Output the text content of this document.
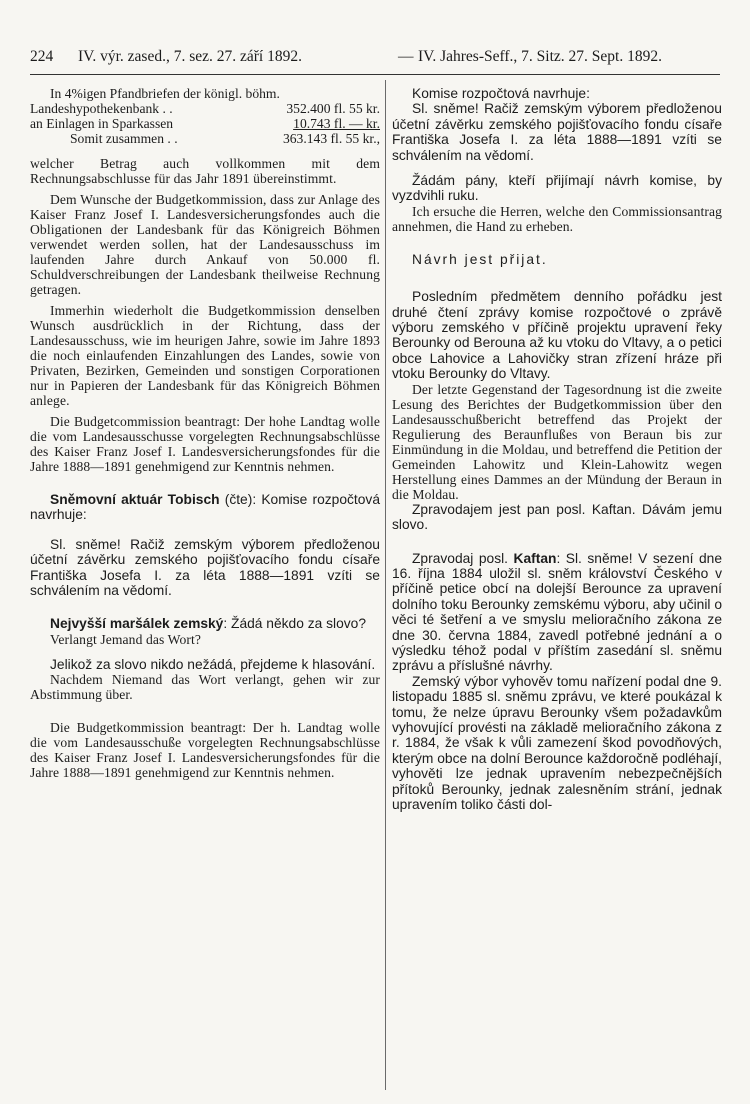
224 IV. výr. zased., 7. sez. 27. září 1892.	— IV. Jahres-Seff., 7. Sitz. 27. Sept. 1892.

In 4%igen Pfandbriefen der königl. böhm.

Landeshypothekenbank . .	352.400 fl. 55 kr.
an Einlagen in Sparkassen	10.743 fl. — kr.
Somit zusammen . .	363.143 fl. 55 kr.,

welcher Betrag auch vollkommen mit dem Rechnungsabschlusse für das Jahr 1891 übereinstimmt.

Dem Wunsche der Budgetkommission, dass zur Anlage des Kaiser Franz Josef I. Landesversicherungsfondes auch die Obligationen der Landesbank für das Königreich Böhmen verwendet werden sollen, hat der Landesausschuss im laufenden Jahre durch Ankauf von 50.000 fl. Schuldverschreibungen der Landesbank theilweise Rechnung getragen.

Immerhin wiederholt die Budgetkommission denselben Wunsch ausdrücklich in der Richtung, dass der Landesausschuss, wie im heurigen Jahre, sowie im Jahre 1893 die noch einlaufenden Einzahlungen des Landes, sowie von Privaten, Bezirken, Gemeinden und sonstigen Corporationen nur in Papieren der Landesbank für das Königreich Böhmen anlege.

Die Budgetcommission beantragt: Der hohe Landtag wolle die vom Landesausschusse vorgelegten Rechnungsabschlüsse des Kaiser Franz Josef I. Landesversicherungsfondes für die Jahre 1888—1891 genehmigend zur Kenntnis nehmen.

Sněmovní aktuár Tobisch (čte): Komise rozpočtová navrhuje:

Sl. sněme! Račiž zemským výborem předloženou účetní závěrku zemského pojišťovacího fondu císaře Františka Josefa I. za léta 1888—1891 vzíti se schválením na vědomí.

Nejvyšší maršálek zemský: Žádá někdo za slovo?

Verlangt Jemand das Wort?

Jelikož za slovo nikdo nežádá, přejdeme k hlasování.

Nachdem Niemand das Wort verlangt, gehen wir zur Abstimmung über.

Die Budgetkommission beantragt: Der h. Landtag wolle die vom Landesausschuße vorgelegten Rechnungsabschlüsse des Kaiser Franz Josef I. Landesversicherungsfondes für die Jahre 1888—1891 genehmigend zur Kenntnis nehmen.

Komise rozpočtová navrhuje:

Sl. sněme! Račiž zemským výborem předloženou účetní závěrku zemského pojišťovacího fondu císaře Františka Josefa I. za léta 1888—1891 vzíti se schválením na vědomí.

Žádám pány, kteří přijímají návrh komise, by vyzdvihli ruku.

Ich ersuche die Herren, welche den Commissionsantrag annehmen, die Hand zu erheben.

Návrh jest přijat.

Posledním předmětem denního pořádku jest druhé čtení zprávy komise rozpočtové o zprávě výboru zemského v příčině projektu upravení řeky Berounky od Berouna až ku vtoku do Vltavy, a o petici obce Lahovice a Lahovičky stran zřízení hráze při vtoku Berounky do Vltavy.

Der letzte Gegenstand der Tagesordnung ist die zweite Lesung des Berichtes der Budgetkommission über den Landesausschußbericht betreffend das Projekt der Regulierung des Beraunflußes von Beraun bis zur Einmündung in die Moldau, und betreffend die Petition der Gemeinden Lahowitz und Klein-Lahowitz wegen Herstellung eines Dammes an der Mündung der Beraun in die Moldau.

Zpravodajem jest pan posl. Kaftan. Dávám jemu slovo.

Zpravodaj posl. Kaftan: Sl. sněme! V sezení dne 16. října 1884 uložil sl. sněm království Českého v příčině petice obcí na dolejší Berounce za upravení dolního toku Berounky zemskému výboru, aby učinil o věci té šetření a ve smyslu melioračního zákona ze dne 30. června 1884, zavedl potřebné jednání a o výsledku téhož podal v příštím zasedání sl. sněmu zprávu a příslušné návrhy.

Zemský výbor vyhověv tomu nařízení podal dne 9. listopadu 1885 sl. sněmu zprávu, ve které poukázal k tomu, že nelze úpravu Berounky všem požadavkům vyhovující provésti na základě melioračního zákona z r. 1884, že však k vůli zamezení škod povodňových, kterým obce na dolní Berounce každoročně podléhají, vyhověti lze jednak upravením nebezpečnějších přítoků Berounky, jednak zalesněním strání, jednak upravením toliko části dol-
